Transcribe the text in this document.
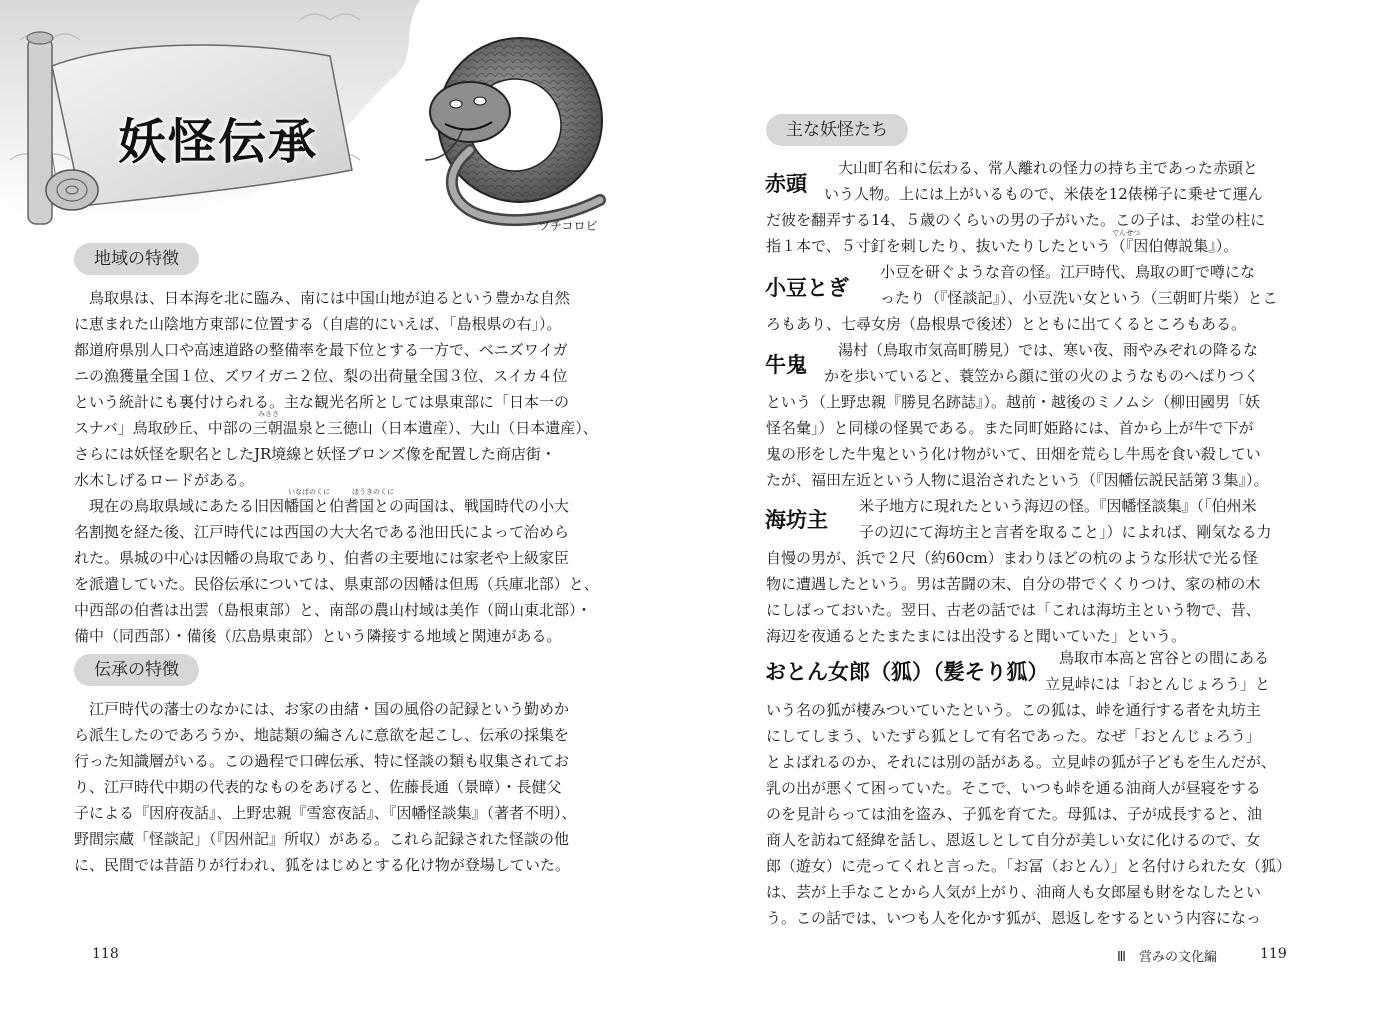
妖怪伝承
ツチコロビ
地域の特徴
　鳥取県は、日本海を北に臨み、南には中国山地が迫るという豊かな自然
に恵まれた山陰地方東部に位置する（自虐的にいえば、「島根県の右」）。
都道府県別人口や高速道路の整備率を最下位とする一方で、ベニズワイガ
ニの漁獲量全国１位、ズワイガニ２位、梨の出荷量全国３位、スイカ４位
という統計にも裏付けられる。主な観光名所としては県東部に「日本一の
スナバ」鳥取砂丘、中部の三朝温泉と三徳山（日本遺産）、大山（日本遺産）、
さらには妖怪を駅名としたJR境線と妖怪ブロンズ像を配置した商店街・
水木しげるロードがある。
　現在の鳥取県域にあたる旧因幡国と伯耆国との両国は、戦国時代の小大
名割拠を経た後、江戸時代には西国の大大名である池田氏によって治めら
れた。県城の中心は因幡の鳥取であり、伯耆の主要地には家老や上級家臣
を派遣していた。民俗伝承については、県東部の因幡は但馬（兵庫北部）と、
中西部の伯耆は出雲（島根東部）と、南部の農山村域は美作（岡山東北部）・
備中（同西部）・備後（広島県東部）という隣接する地域と関連がある。
みささ
いなばのくに	ほうきのくに
伝承の特徴
　江戸時代の藩士のなかには、お家の由緒・国の風俗の記録という勤めか
ら派生したのであろうか、地誌類の編さんに意欲を起こし、伝承の採集を
行った知識層がいる。この過程で口碑伝承、特に怪談の類も収集されてお
り、江戸時代中期の代表的なものをあげると、佐藤長通（景暲）・長健父
子による『因府夜話』、上野忠親『雪窓夜話』、『因幡怪談集』（著者不明）、
野間宗蔵「怪談記」（『因州記』所収）がある。これら記録された怪談の他
に、民間では昔語りが行われ、狐をはじめとする化け物が登場していた。
118
主な妖怪たち
赤頭
大山町名和に伝わる、常人離れの怪力の持ち主であった赤頭と
いう人物。上には上がいるもので、米俵を12俵梯子に乗せて運ん
だ彼を翻弄する14、５歳のくらいの男の子がいた。この子は、お堂の柱に
指１本で、５寸釘を刺したり、抜いたりしたという（『因伯傳説集』）。
でんせつ
小豆とぎ
小豆を研ぐような音の怪。江戸時代、鳥取の町で噂にな
ったり（『怪談記』）、小豆洗い女という（三朝町片柴）とこ
ろもあり、七尋女房（島根県で後述）とともに出てくるところもある。
牛鬼
湯村（鳥取市気高町勝見）では、寒い夜、雨やみぞれの降るな
かを歩いていると、蓑笠から顔に蛍の火のようなものへばりつく
という（上野忠親『勝見名跡誌』）。越前・越後のミノムシ（柳田國男「妖
怪名彙」）と同様の怪異である。また同町姫路には、首から上が牛で下が
鬼の形をした牛鬼という化け物がいて、田畑を荒らし牛馬を食い殺してい
たが、福田左近という人物に退治されたという（『因幡伝説民話第３集』）。
海坊主
米子地方に現れたという海辺の怪。『因幡怪談集』（「伯州米
子の辺にて海坊主と言者を取ること」）によれば、剛気なる力
自慢の男が、浜で２尺（約60cm）まわりほどの杭のような形状で光る怪
物に遭遇したという。男は苦闘の末、自分の帯でくくりつけ、家の柿の木
にしばっておいた。翌日、古老の話では「これは海坊主という物で、昔、
海辺を夜通るとたまたまには出没すると聞いていた」という。
おとん女郎（狐）（髪そり狐）
鳥取市本高と宮谷との間にある
立見峠には「おとんじょろう」と
いう名の狐が棲みついていたという。この狐は、峠を通行する者を丸坊主
にしてしまう、いたずら狐として有名であった。なぜ「おとんじょろう」
とよばれるのか、それには別の話がある。立見峠の狐が子どもを生んだが、
乳の出が悪くて困っていた。そこで、いつも峠を通る油商人が昼寝をする
のを見計らっては油を盗み、子狐を育てた。母狐は、子が成長すると、油
商人を訪ねて経緯を話し、恩返しとして自分が美しい女に化けるので、女
郎（遊女）に売ってくれと言った。「お冨（おとん）」と名付けられた女（狐）
は、芸が上手なことから人気が上がり、油商人も女郎屋も財をなしたとい
う。この話では、いつも人を化かす狐が、恩返しをするという内容になっ
Ⅲ　営みの文化編	119
